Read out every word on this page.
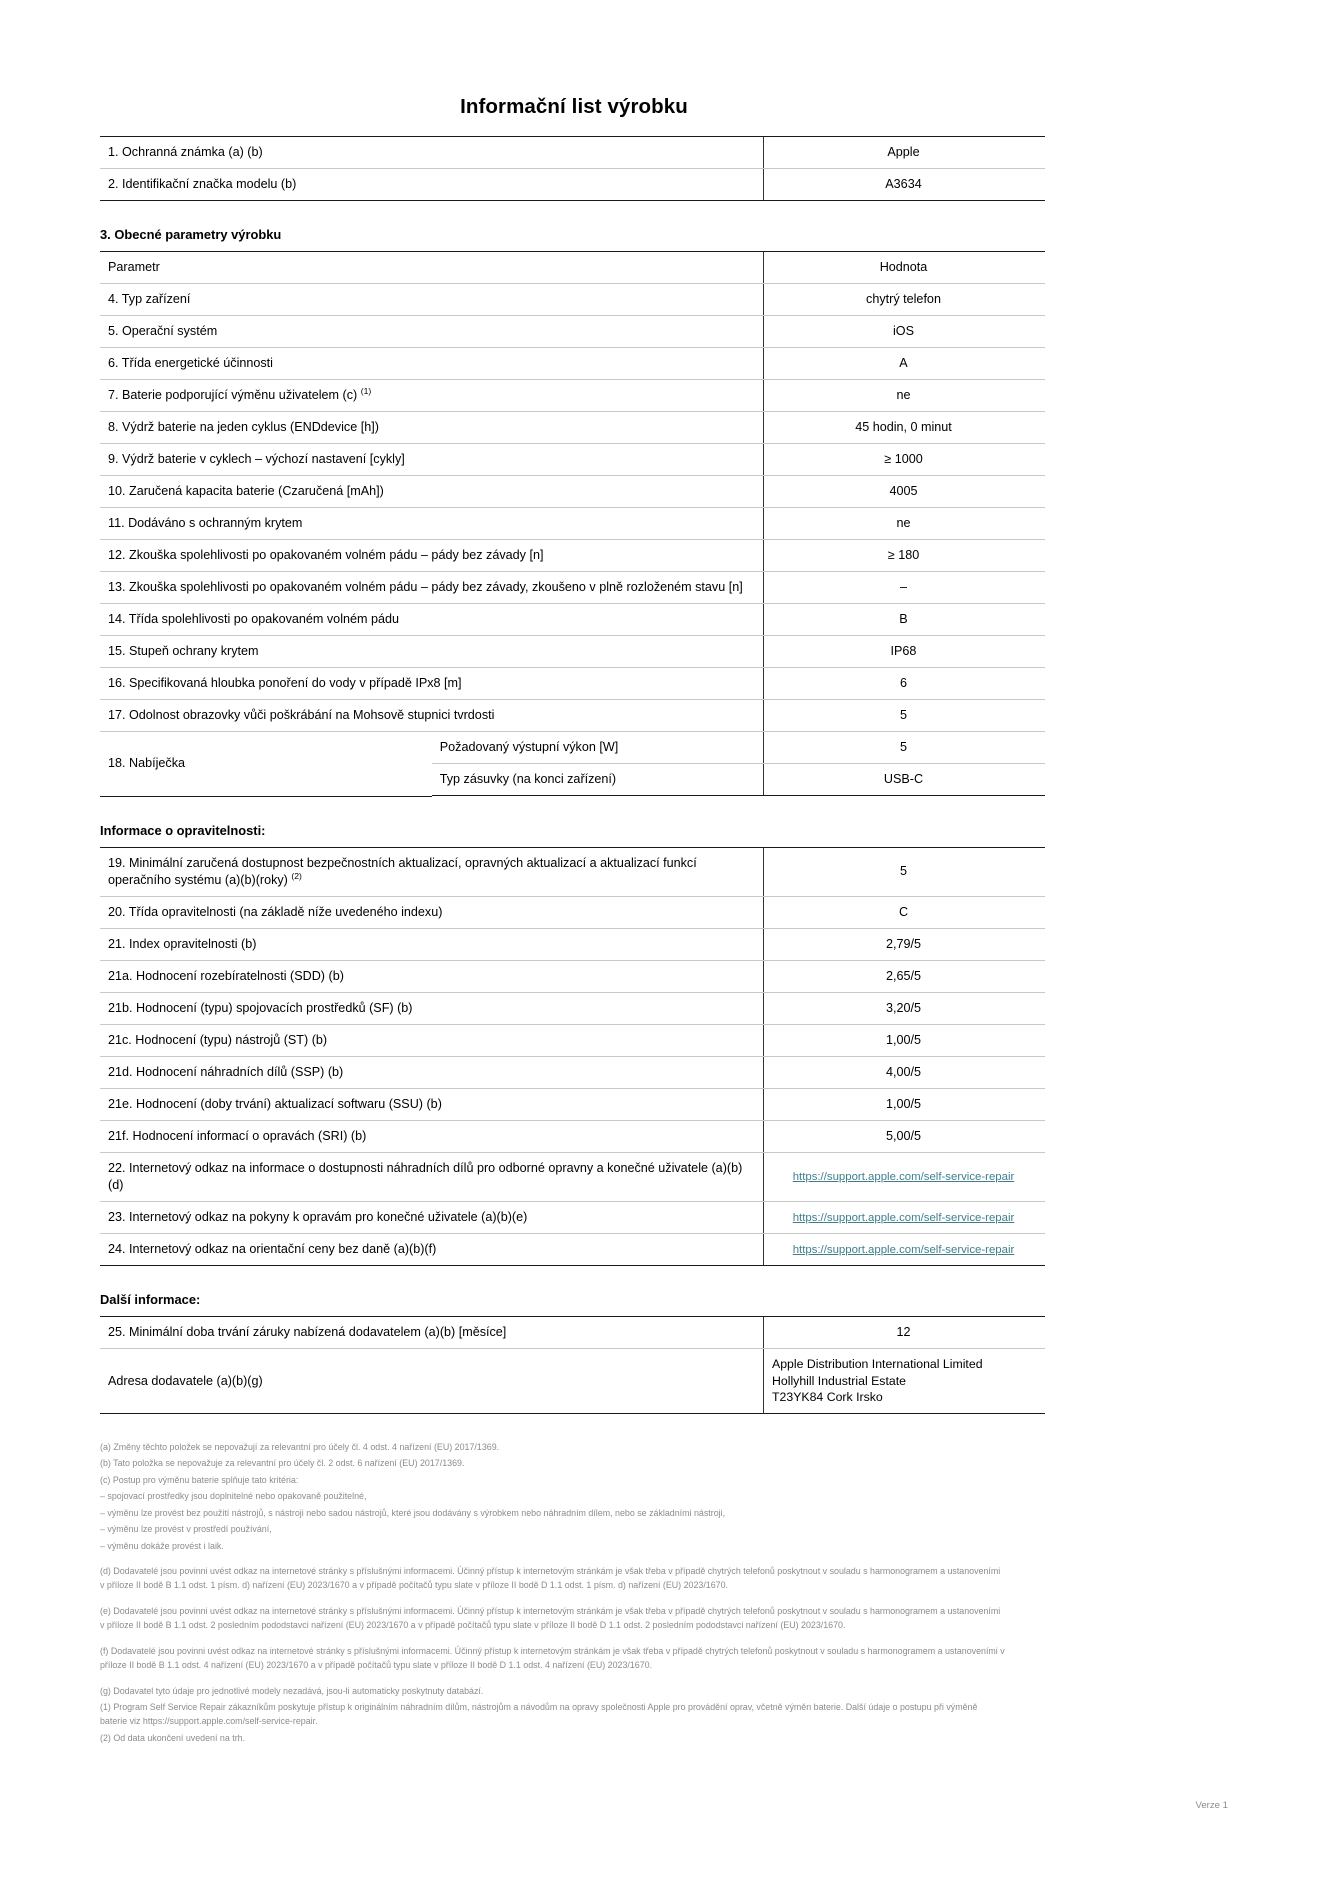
Informační list výrobku
1. Ochranná známka (a) (b)	Apple
2. Identifikační značka modelu (b)	A3634
3. Obecné parametry výrobku
Parametr		Hodnota
4. Typ zařízení		chytrý telefon
5. Operační systém		iOS
6. Třída energetické účinnosti		A
7. Baterie podporující výměnu uživatelem (c) $^{(1)}$		ne
8. Výdrž baterie na jeden cyklus (ENDdevice [h])		45 hodin, 0 minut
9. Výdrž baterie v cyklech – výchozí nastavení [cykly]		≥ 1000
10. Zaručená kapacita baterie (Czaručená [mAh])		4005
11. Dodáváno s ochranným krytem		ne
12. Zkouška spolehlivosti po opakovaném volném pádu – pády bez závady [n]		≥ 180
13. Zkouška spolehlivosti po opakovaném volném pádu – pády bez závady, zkoušeno v plně rozloženém stavu [n]		–
14. Třída spolehlivosti po opakovaném volném pádu		B
15. Stupeň ochrany krytem		IP68
16. Specifikovaná hloubka ponoření do vody v případě IPx8 [m]		6
17. Odolnost obrazovky vůči poškrábání na Mohsově stupnici tvrdosti		5
18. Nabíječka	Požadovaný výstupní výkon [W]	5
	Typ zásuvky (na konci zařízení)	USB-C

Informace o opravitelnosti:
19. Minimální zaručená dostupnost bezpečnostních aktualizací, opravných aktualizací a aktualizací funkcí operačního systému (a)(b)(roky) $^{(2)}$	5
20. Třída opravitelnosti (na základě níže uvedeného indexu)	C
21. Index opravitelnosti (b)	2,79/5
21a. Hodnocení rozebíratelnosti (SDD) (b)	2,65/5
21b. Hodnocení (typu) spojovacích prostředků (SF) (b)	3,20/5
21c. Hodnocení (typu) nástrojů (ST) (b)	1,00/5
21d. Hodnocení náhradních dílů (SSP) (b)	4,00/5
21e. Hodnocení (doby trvání) aktualizací softwaru (SSU) (b)	1,00/5
21f. Hodnocení informací o opravách (SRI) (b)	5,00/5
22. Internetový odkaz na informace o dostupnosti náhradních dílů pro odborné opravny a konečné uživatele (a)(b)(d)	https://support.apple.com/self-service-repair
23. Internetový odkaz na pokyny k opravám pro konečné uživatele (a)(b)(e)	https://support.apple.com/self-service-repair
24. Internetový odkaz na orientační ceny bez daně (a)(b)(f)	https://support.apple.com/self-service-repair
Další informace:
25. Minimální doba trvání záruky nabízená dodavatelem (a)(b) [měsíce]	12
Adresa dodavatele (a)(b)(g)	Apple Distribution International Limited
Hollyhill Industrial Estate
T23YK84 Cork Irsko

(a) Změny těchto položek se nepovažují za relevantní pro účely čl. 4 odst. 4 nařízení (EU) 2017/1369.

(b) Tato položka se nepovažuje za relevantní pro účely čl. 2 odst. 6 nařízení (EU) 2017/1369.

(c) Postup pro výměnu baterie splňuje tato kritéria:

– spojovací prostředky jsou doplnitelné nebo opakovaně použitelné,

– výměnu lze provést bez použití nástrojů, s nástroji nebo sadou nástrojů, které jsou dodávány s výrobkem nebo náhradním dílem, nebo se základními nástroji,

– výměnu lze provést v prostředí používání,

– výměnu dokáže provést i laik.

(d) Dodavatelé jsou povinni uvést odkaz na internetové stránky s příslušnými informacemi. Účinný přístup k internetovým stránkám je však třeba v případě chytrých telefonů poskytnout v souladu s harmonogramem a ustanoveními v příloze II bodě B 1.1 odst. 1 písm. d) nařízení (EU) 2023/1670 a v případě počítačů typu slate v příloze II bodě D 1.1 odst. 1 písm. d) nařízení (EU) 2023/1670.

(e) Dodavatelé jsou povinni uvést odkaz na internetové stránky s příslušnými informacemi. Účinný přístup k internetovým stránkám je však třeba v případě chytrých telefonů poskytnout v souladu s harmonogramem a ustanoveními v příloze II bodě B 1.1 odst. 2 posledním pododstavci nařízení (EU) 2023/1670 a v případě počítačů typu slate v příloze II bodě D 1.1 odst. 2 posledním pododstavci nařízení (EU) 2023/1670.

(f) Dodavatelé jsou povinni uvést odkaz na internetové stránky s příslušnými informacemi. Účinný přístup k internetovým stránkám je však třeba v případě chytrých telefonů poskytnout v souladu s harmonogramem a ustanoveními v příloze II bodě B 1.1 odst. 4 nařízení (EU) 2023/1670 a v případě počítačů typu slate v příloze II bodě D 1.1 odst. 4 nařízení (EU) 2023/1670.

(g) Dodavatel tyto údaje pro jednotlivé modely nezadává, jsou-li automaticky poskytnuty databází.

(1) Program Self Service Repair zákazníkům poskytuje přístup k originálním náhradním dílům, nástrojům a návodům na opravy společnosti Apple pro provádění oprav, včetně výměn baterie. Další údaje o postupu při výměně baterie viz https://support.apple.com/self-service-repair.

(2) Od data ukončení uvedení na trh.

Verze 1
